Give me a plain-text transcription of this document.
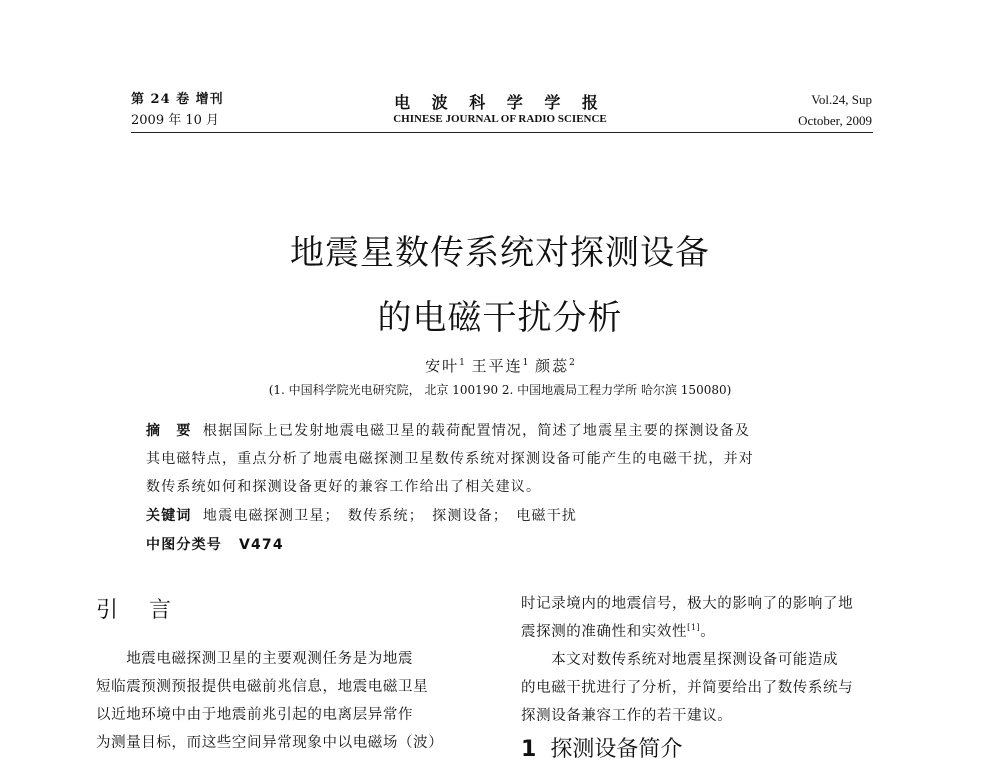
第 24 卷 增刊
2009 年 10 月
电 波 科 学 学 报
CHINESE JOURNAL OF RADIO SCIENCE
Vol.24, Sup
October, 2009
地震星数传系统对探测设备
的电磁干扰分析
安叶$^1$ 王平连$^1$ 颜蕊$^2$
(1. 中国科学院光电研究院， 北京 100190 2. 中国地震局工程力学所 哈尔滨 150080)
摘　要 根据国际上已发射地震电磁卫星的载荷配置情况，简述了地震星主要的探测设备及
其电磁特点，重点分析了地震电磁探测卫星数传系统对探测设备可能产生的电磁干扰，并对
数传系统如何和探测设备更好的兼容工作给出了相关建议。
关键词 地震电磁探测卫星；　数传系统；　探测设备；　电磁干扰
中图分类号 V474
引 言
　　地震电磁探测卫星的主要观测任务是为地震
短临震预测预报提供电磁前兆信息，地震电磁卫星
以近地环境中由于地震前兆引起的电离层异常作
为测量目标，而这些空间异常现象中以电磁场（波）
时记录境内的地震信号，极大的影响了的影响了地
震探测的准确性和实效性[1]。
　　本文对数传系统对地震星探测设备可能造成
的电磁干扰进行了分析，并简要给出了数传系统与
探测设备兼容工作的若干建议。
1 探测设备简介
